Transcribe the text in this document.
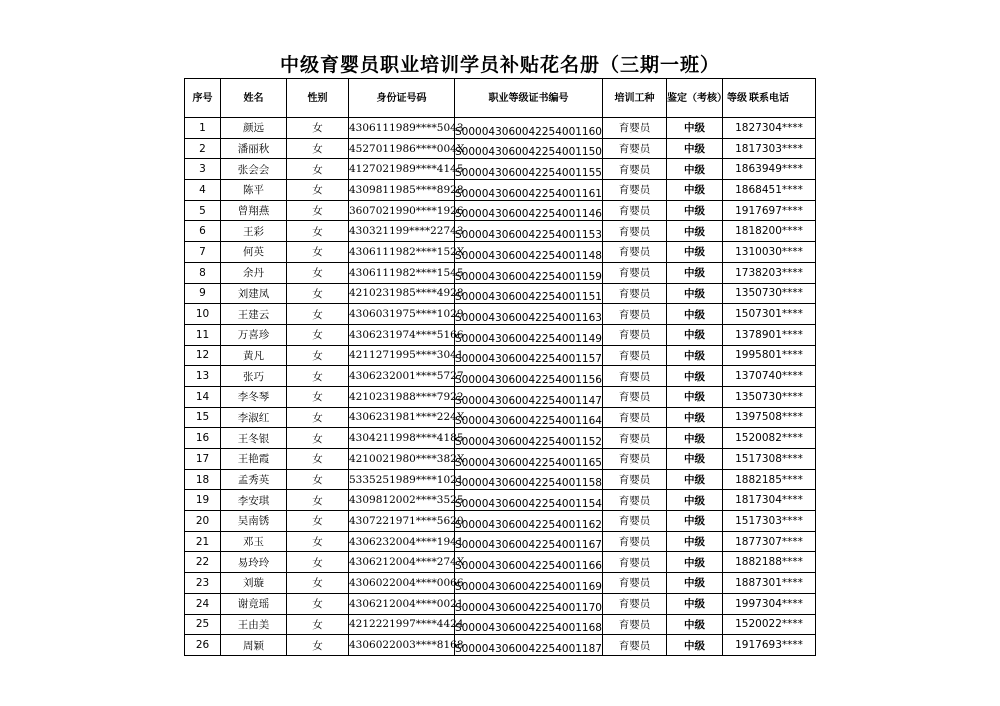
中级育婴员职业培训学员补贴花名册（三期一班）
序号	姓名	性别	身份证号码	职业等级证书编号	培训工种	鉴定（考核）等级	联系电话
1	颜远	女	4306111989****5043	S000043060042254001160	育婴员	中级	1827304****
2	潘丽秋	女	4527011986****004X	S000043060042254001150	育婴员	中级	1817303****
3	张会会	女	4127021989****4145	S000043060042254001155	育婴员	中级	1863949****
4	陈平	女	4309811985****8928	S000043060042254001161	育婴员	中级	1868451****
5	曾翔燕	女	3607021990****1926	S000043060042254001146	育婴员	中级	1917697****
6	王彩	女	430321199****22743	S000043060042254001153	育婴员	中级	1818200****
7	何英	女	4306111982****152X	S000043060042254001148	育婴员	中级	1310030****
8	余丹	女	4306111982****1545	S000043060042254001159	育婴员	中级	1738203****
9	刘建凤	女	4210231985****4928	S000043060042254001151	育婴员	中级	1350730****
10	王建云	女	4306031975****1029	S000043060042254001163	育婴员	中级	1507301****
11	万喜珍	女	4306231974****5166	S000043060042254001149	育婴员	中级	1378901****
12	黄凡	女	4211271995****3041	S000043060042254001157	育婴员	中级	1995801****
13	张巧	女	4306232001****5727	S000043060042254001156	育婴员	中级	1370740****
14	李冬琴	女	4210231988****7922	S000043060042254001147	育婴员	中级	1350730****
15	李淑红	女	4306231981****224X	S000043060042254001164	育婴员	中级	1397508****
16	王冬银	女	4304211998****4185	S000043060042254001152	育婴员	中级	1520082****
17	王艳霞	女	4210021980****382X	S000043060042254001165	育婴员	中级	1517308****
18	孟秀英	女	5335251989****1021	S000043060042254001158	育婴员	中级	1882185****
19	李安琪	女	4309812002****3525	S000043060042254001154	育婴员	中级	1817304****
20	吴南锈	女	4307221971****5620	S000043060042254001162	育婴员	中级	1517303****
21	邓玉	女	4306232004****1941	S000043060042254001167	育婴员	中级	1877307****
22	易玲玲	女	4306212004****274X	S000043060042254001166	育婴员	中级	1882188****
23	刘璇	女	4306022004****0066	S000043060042254001169	育婴员	中级	1887301****
24	谢竟瑶	女	4306212004****0021	S000043060042254001170	育婴员	中级	1997304****
25	王由美	女	4212221997****4424	S000043060042254001168	育婴员	中级	1520022****
26	周颖	女	4306022003****8168	S000043060042254001187	育婴员	中级	1917693****
